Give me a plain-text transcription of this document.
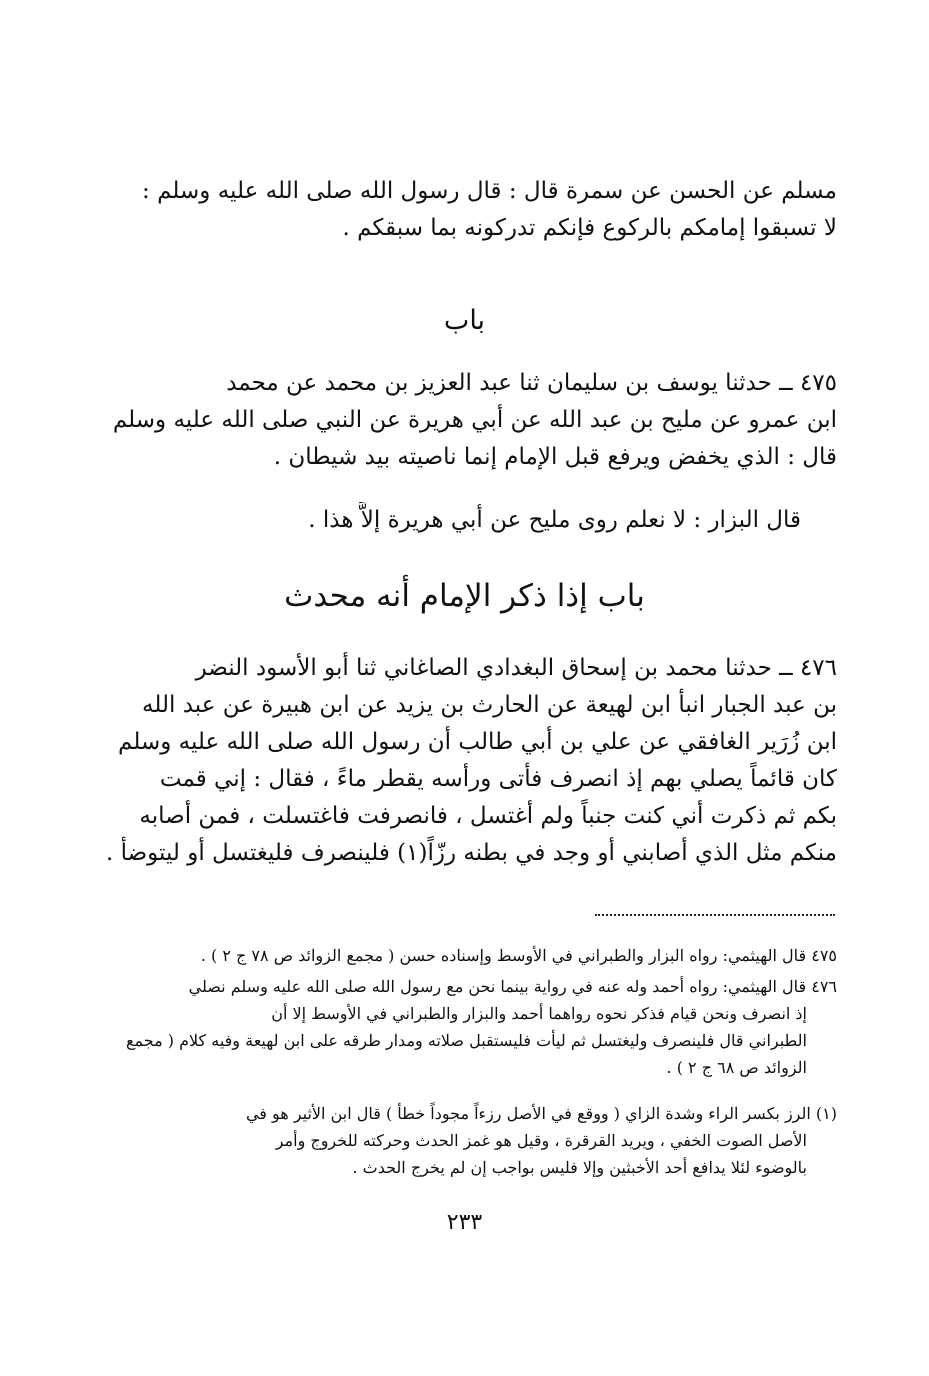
مسلم عن الحسن عن سمرة قال : قال رسول الله صلى الله عليه وسلم :
لا تسبقوا إمامكم بالركوع فإنكم تدركونه بما سبقكم .
باب
٤٧٥ ــ حدثنا يوسف بن سليمان ثنا عبد العزيز بن محمد عن محمد
ابن عمرو عن مليح بن عبد الله عن أبي هريرة عن النبي صلى الله عليه وسلم
قال : الذي يخفض ويرفع قبل الإمام إنما ناصيته بيد شيطان .
قال البزار : لا نعلم روى مليح عن أبي هريرة إلاَّ هذا .
باب إذا ذكر الإمام أنه محدث
٤٧٦ ــ حدثنا محمد بن إسحاق البغدادي الصاغاني ثنا أبو الأسود النضر
بن عبد الجبار انبأ ابن لهيعة عن الحارث بن يزيد عن ابن هبيرة عن عبد الله
ابن زُرَير الغافقي عن علي بن أبي طالب أن رسول الله صلى الله عليه وسلم
كان قائماً يصلي بهم إذ انصرف فأتى ورأسه يقطر ماءً ، فقال : إني قمت
بكم ثم ذكرت أني كنت جنباً ولم أغتسل ، فانصرفت فاغتسلت ، فمن أصابه
منكم مثل الذي أصابني أو وجد في بطنه رزّاً(١) فلينصرف فليغتسل أو ليتوضأ .
٤٧٥ قال الهيثمي: رواه البزار والطبراني في الأوسط وإسناده حسن ( مجمع الزوائد ص ٧٨ ج ٢ ) .
٤٧٦ قال الهيثمي: رواه أحمد وله عنه في رواية بينما نحن مع رسول الله صلى الله عليه وسلم نصلي
إذ انصرف ونحن قيام فذكر نحوه رواهما أحمد والبزار والطبراني في الأوسط إلا أن
الطبراني قال فلينصرف وليغتسل ثم ليأت فليستقبل صلاته ومدار طرقه على ابن لهيعة وفيه كلام ( مجمع
الزوائد ص ٦٨ ج ٢ ) .
(١) الرز بكسر الراء وشدة الزاي ( ووقع في الأصل رزءاً مجوداً خطأ ) قال ابن الأثير هو في
الأصل الصوت الخفي ، ويريد القرقرة ، وقيل هو غمز الحدث وحركته للخروج وأمر
بالوضوء لئلا يدافع أحد الأخبثين وإلا فليس بواجب إن لم يخرج الحدث .
٢٣٣
